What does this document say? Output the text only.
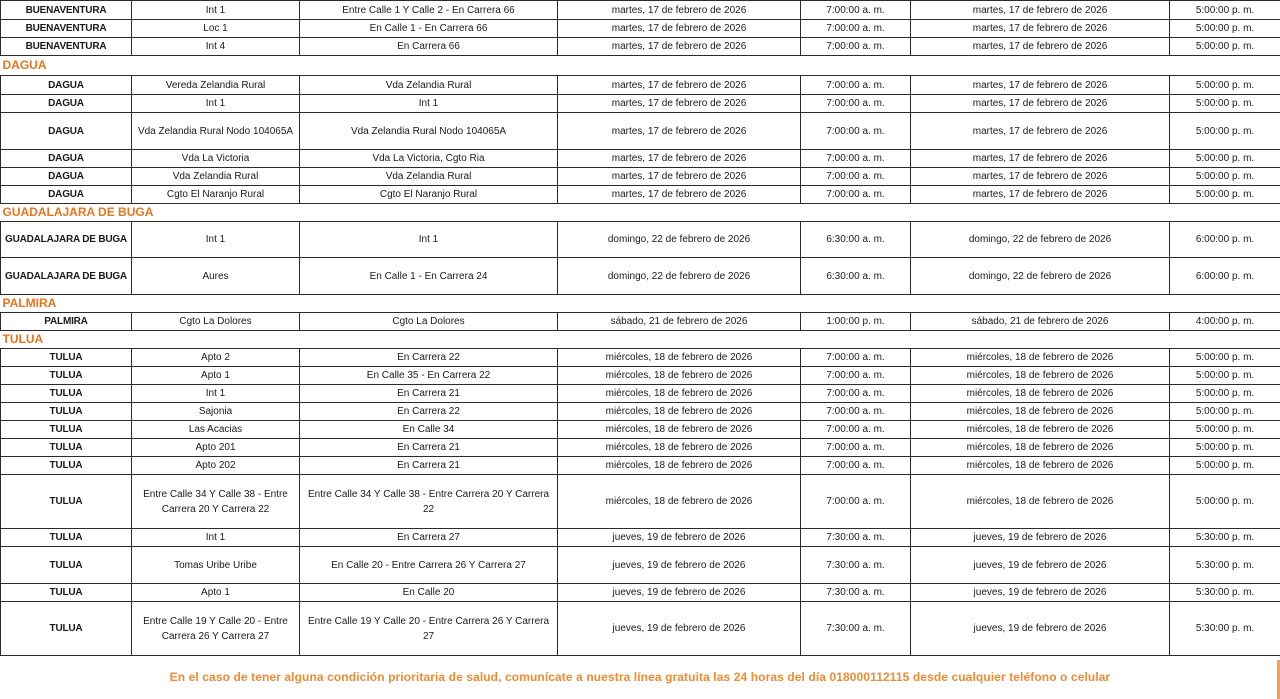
BUENAVENTURA	Int 1	Entre Calle 1 Y Calle 2 - En Carrera 66	martes, 17 de febrero de 2026	7:00:00 a. m.	martes, 17 de febrero de 2026	5:00:00 p. m.
BUENAVENTURA	Loc 1	En Calle 1 - En Carrera 66	martes, 17 de febrero de 2026	7:00:00 a. m.	martes, 17 de febrero de 2026	5:00:00 p. m.
BUENAVENTURA	Int 4	En Carrera 66	martes, 17 de febrero de 2026	7:00:00 a. m.	martes, 17 de febrero de 2026	5:00:00 p. m.
DAGUA						
DAGUA	Vereda Zelandia Rural	Vda Zelandia Rural	martes, 17 de febrero de 2026	7:00:00 a. m.	martes, 17 de febrero de 2026	5:00:00 p. m.
DAGUA	Int 1	Int 1	martes, 17 de febrero de 2026	7:00:00 a. m.	martes, 17 de febrero de 2026	5:00:00 p. m.
DAGUA	Vda Zelandia Rural Nodo 104065A	Vda Zelandia Rural Nodo 104065A	martes, 17 de febrero de 2026	7:00:00 a. m.	martes, 17 de febrero de 2026	5:00:00 p. m.
DAGUA	Vda La Victoria	Vda La Victoria, Cgto Ria	martes, 17 de febrero de 2026	7:00:00 a. m.	martes, 17 de febrero de 2026	5:00:00 p. m.
DAGUA	Vda Zelandia Rural	Vda Zelandia Rural	martes, 17 de febrero de 2026	7:00:00 a. m.	martes, 17 de febrero de 2026	5:00:00 p. m.
DAGUA	Cgto El Naranjo Rural	Cgto El Naranjo Rural	martes, 17 de febrero de 2026	7:00:00 a. m.	martes, 17 de febrero de 2026	5:00:00 p. m.
GUADALAJARA DE BUGA						
GUADALAJARA DE BUGA	Int 1	Int 1	domingo, 22 de febrero de 2026	6:30:00 a. m.	domingo, 22 de febrero de 2026	6:00:00 p. m.
GUADALAJARA DE BUGA	Aures	En Calle 1 - En Carrera 24	domingo, 22 de febrero de 2026	6:30:00 a. m.	domingo, 22 de febrero de 2026	6:00:00 p. m.
PALMIRA						
PALMIRA	Cgto La Dolores	Cgto La Dolores	sábado, 21 de febrero de 2026	1:00:00 p. m.	sábado, 21 de febrero de 2026	4:00:00 p. m.
TULUA						
TULUA	Apto 2	En Carrera 22	miércoles, 18 de febrero de 2026	7:00:00 a. m.	miércoles, 18 de febrero de 2026	5:00:00 p. m.
TULUA	Apto 1	En Calle 35 - En Carrera 22	miércoles, 18 de febrero de 2026	7:00:00 a. m.	miércoles, 18 de febrero de 2026	5:00:00 p. m.
TULUA	Int 1	En Carrera 21	miércoles, 18 de febrero de 2026	7:00:00 a. m.	miércoles, 18 de febrero de 2026	5:00:00 p. m.
TULUA	Sajonia	En Carrera 22	miércoles, 18 de febrero de 2026	7:00:00 a. m.	miércoles, 18 de febrero de 2026	5:00:00 p. m.
TULUA	Las Acacias	En Calle 34	miércoles, 18 de febrero de 2026	7:00:00 a. m.	miércoles, 18 de febrero de 2026	5:00:00 p. m.
TULUA	Apto 201	En Carrera 21	miércoles, 18 de febrero de 2026	7:00:00 a. m.	miércoles, 18 de febrero de 2026	5:00:00 p. m.
TULUA	Apto 202	En Carrera 21	miércoles, 18 de febrero de 2026	7:00:00 a. m.	miércoles, 18 de febrero de 2026	5:00:00 p. m.
TULUA	Entre Calle 34 Y Calle 38 - Entre Carrera 20 Y Carrera 22	Entre Calle 34 Y Calle 38 - Entre Carrera 20 Y Carrera 22	miércoles, 18 de febrero de 2026	7:00:00 a. m.	miércoles, 18 de febrero de 2026	5:00:00 p. m.
TULUA	Int 1	En Carrera 27	jueves, 19 de febrero de 2026	7:30:00 a. m.	jueves, 19 de febrero de 2026	5:30:00 p. m.
TULUA	Tomas Uribe Uribe	En Calle 20 - Entre Carrera 26 Y Carrera 27	jueves, 19 de febrero de 2026	7:30:00 a. m.	jueves, 19 de febrero de 2026	5:30:00 p. m.
TULUA	Apto 1	En Calle 20	jueves, 19 de febrero de 2026	7:30:00 a. m.	jueves, 19 de febrero de 2026	5:30:00 p. m.
TULUA	Entre Calle 19 Y Calle 20 - Entre Carrera 26 Y Carrera 27	Entre Calle 19 Y Calle 20 - Entre Carrera 26 Y Carrera 27	jueves, 19 de febrero de 2026	7:30:00 a. m.	jueves, 19 de febrero de 2026	5:30:00 p. m.
En el caso de tener alguna condición prioritaria de salud, comunícate a nuestra línea gratuita las 24 horas del día 018000112115 desde cualquier teléfono o celular
